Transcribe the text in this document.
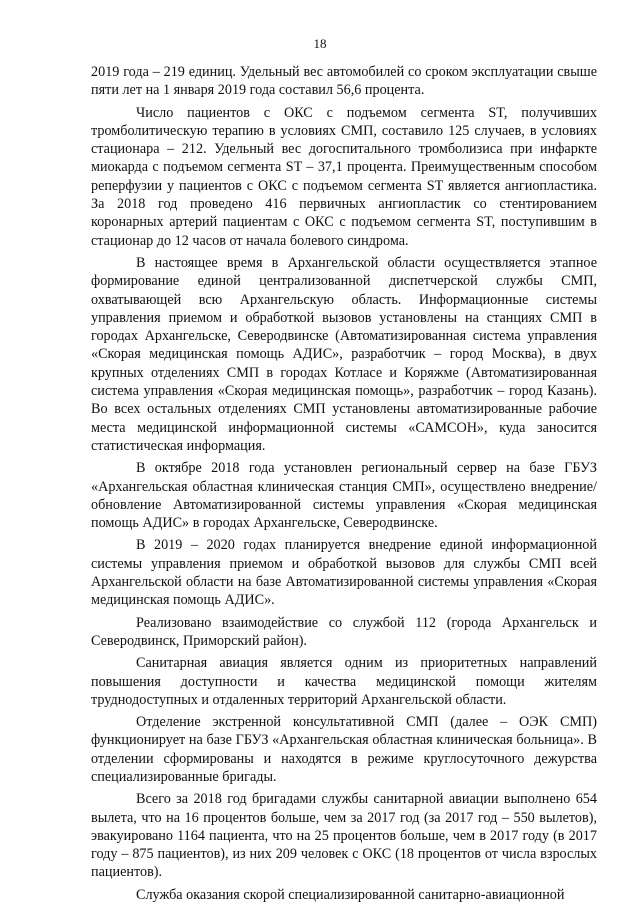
18

2019 года – 219 единиц. Удельный вес автомобилей со сроком эксплуатации свыше пяти лет на 1 января 2019 года составил 56,6 процента.

Число пациентов с ОКС с подъемом сегмента ST, получивших тромболитическую терапию в условиях СМП, составило 125 случаев, в условиях стационара – 212. Удельный вес догоспитального тромболизиса при инфаркте миокарда с подъемом сегмента ST – 37,1 процента. Преимущественным способом реперфузии у пациентов с ОКС с подъемом сегмента ST является ангиопластика. За 2018 год проведено 416 первичных ангиопластик со стентированием коронарных артерий пациентам с ОКС с подъемом сегмента ST, поступившим в стационар до 12 часов от начала болевого синдрома.

В настоящее время в Архангельской области осуществляется этапное формирование единой централизованной диспетчерской службы СМП, охватывающей всю Архангельскую область. Информационные системы управления приемом и обработкой вызовов установлены на станциях СМП в городах Архангельске, Северодвинске (Автоматизированная система управления «Скорая медицинская помощь АДИС», разработчик – город Москва), в двух крупных отделениях СМП в городах Котласе и Коряжме (Автоматизированная система управления «Скорая медицинская помощь», разработчик – город Казань). Во всех остальных отделениях СМП установлены автоматизированные рабочие места медицинской информационной системы «САМСОН», куда заносится статистическая информация.

В октябре 2018 года установлен региональный сервер на базе ГБУЗ «Архангельская областная клиническая станция СМП», осуществлено внедрение/обновление Автоматизированной системы управления «Скорая медицинская помощь АДИС» в городах Архангельске, Северодвинске.

В 2019 – 2020 годах планируется внедрение единой информационной системы управления приемом и обработкой вызовов для службы СМП всей Архангельской области на базе Автоматизированной системы управления «Скорая медицинская помощь АДИС».

Реализовано взаимодействие со службой 112 (города Архангельск и Северодвинск, Приморский район).

Санитарная авиация является одним из приоритетных направлений повышения доступности и качества медицинской помощи жителям труднодоступных и отдаленных территорий Архангельской области.

Отделение экстренной консультативной СМП (далее – ОЭК СМП) функционирует на базе ГБУЗ «Архангельская областная клиническая больница». В отделении сформированы и находятся в режиме круглосуточного дежурства специализированные бригады.

Всего за 2018 год бригадами службы санитарной авиации выполнено 654 вылета, что на 16 процентов больше, чем за 2017 год (за 2017 год – 550 вылетов), эвакуировано 1164 пациента, что на 25 процентов больше, чем в 2017 году (в 2017 году – 875 пациентов), из них 209 человек с ОКС (18 процентов от числа взрослых пациентов).

Служба оказания скорой специализированной санитарно-авиационной
